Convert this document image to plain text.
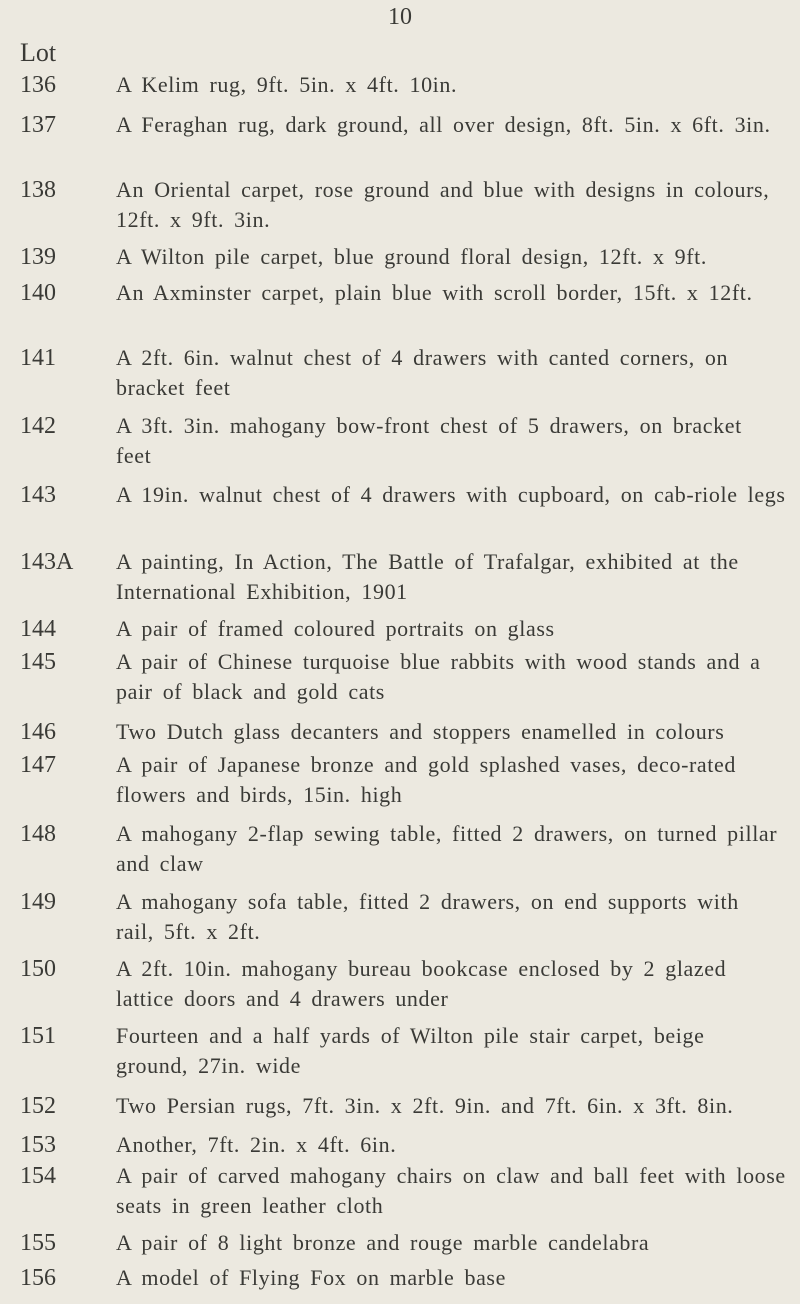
10
Lot
136	A Kelim rug, 9ft. 5in. x 4ft. 10in.
137	A Feraghan rug, dark ground, all over design, 8ft. 5in. x 6ft. 3in.
138	An Oriental carpet, rose ground and blue with designs in colours, 12ft. x 9ft. 3in.
139	A Wilton pile carpet, blue ground floral design, 12ft. x 9ft.
140	An Axminster carpet, plain blue with scroll border, 15ft. x 12ft.
141	A 2ft. 6in. walnut chest of 4 drawers with canted corners, on bracket feet
142	A 3ft. 3in. mahogany bow-front chest of 5 drawers, on bracket feet
143	A 19in. walnut chest of 4 drawers with cupboard, on cab-riole legs
143A	A painting, In Action, The Battle of Trafalgar, exhibited at the International Exhibition, 1901
144	A pair of framed coloured portraits on glass
145	A pair of Chinese turquoise blue rabbits with wood stands and a pair of black and gold cats
146	Two Dutch glass decanters and stoppers enamelled in colours
147	A pair of Japanese bronze and gold splashed vases, deco-rated flowers and birds, 15in. high
148	A mahogany 2-flap sewing table, fitted 2 drawers, on turned pillar and claw
149	A mahogany sofa table, fitted 2 drawers, on end supports with rail, 5ft. x 2ft.
150	A 2ft. 10in. mahogany bureau bookcase enclosed by 2 glazed lattice doors and 4 drawers under
151	Fourteen and a half yards of Wilton pile stair carpet, beige ground, 27in. wide
152	Two Persian rugs, 7ft. 3in. x 2ft. 9in. and 7ft. 6in. x 3ft. 8in.
153	Another, 7ft. 2in. x 4ft. 6in.
154	A pair of carved mahogany chairs on claw and ball feet with loose seats in green leather cloth
155	A pair of 8 light bronze and rouge marble candelabra
156	A model of Flying Fox on marble base
